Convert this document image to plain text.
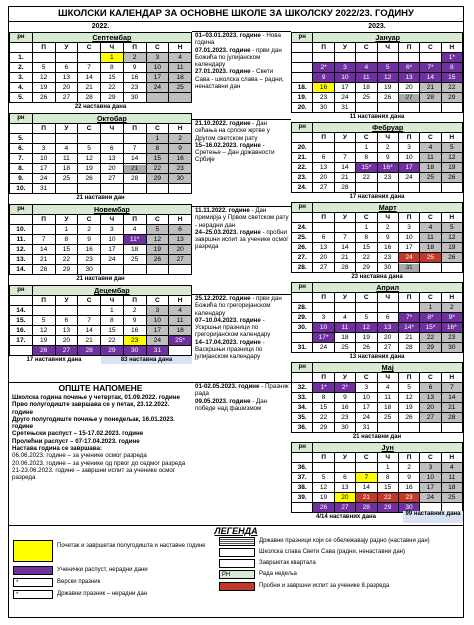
ШКОЛСКИ КАЛЕНДАР ЗА ОСНОВНЕ ШКОЛЕ ЗА ШКОЛСКУ 2022/23. ГОДИНУ
2022.	2023.
рн	Септембар						
	П	У	С	Ч	П	С	Н
1.				1	2	3	4
2.	5	6	7	8	9	10	11
3.	12	13	14	15	16	17	18
4.	19	20	21	22	23	24	25
5.	26	27	28	29	30		
22 наставна дана
рн	Октобар						
	П	У	С	Ч	П	С	Н
5.						1	2
6.	3	4	5	6	7	8	9
7.	10	11	12	13	14	15	16
8.	17	18	19	20	21	22	23
9.	24	25	26	27	28	29	30
10.	31						
21 наставни дан
рн	Новембар						
	П	У	С	Ч	П	С	Н
10.		1	2	3	4	5	6
11.	7	8	9	10	11*	12	13
12.	14	15	16	17	18	19	20
13.	21	22	23	24	25	26	27
14.	28	29	30				
21 наставни дан
рн	Децембар						
	П	У	С	Ч	П	С	Н
14.				1	2	3	4
15.	5	6	7	8	9	10	11
16.	12	13	14	15	16	17	18
17.	19	20	21	22	23	24	25*
	26	27	28	29	30	31	
83 наставна дана
17 наставних дана
рн	Јануар						
	П	У	С	Ч	П	С	Н
							1*
	2*	3	4	5	6*	7*	8
	9	10	11	12	13	14	15
18.	16	17	18	19	20	21	22
19.	23	24	25	26	27	28	29
20.	30	31					
11 наставних дана
рн	Фебруар						
	П	У	С	Ч	П	С	Н
20.			1	2	3	4	5
21.	6	7	8	9	10	11	12
22.	13	14	15*	16*	17	18	19
23.	20	21	22	23	24	25	26
24.	27	28					
17 наставних дана
рн	Март						
	П	У	С	Ч	П	С	Н
24.			1	2	3	4	5
25.	6	7	8	9	10	11	12
26.	13	14	15	16	17	18	19
27.	20	21	22	23	24	25	26
28.	27	28	29	30	31		
23 наставна дана
рн	Април						
	П	У	С	Ч	П	С	Н
28.						1	2
29.	3	4	5	6	7*	8*	9*
30.	10	11	12	13	14*	15*	16*
	17*	18	19	20	21	22	23
31.	24	25	26	27	28	29	30
13 наставних дана
рн	Мај						
	П	У	С	Ч	П	С	Н
32.	1*	2*	3	4	5	6	7
33.	8	9	10	11	12	13	14
34.	15	16	17	18	19	20	21
35.	22	23	24	25	26	27	28
36.	29	30	31				
21 наставни дан
рн	Јун						
	П	У	С	Ч	П	С	Н
36.				1	2	3	4
37.	5	6	7	8	9	10	11
38.	12	13	14	15	16	17	18
39.	19	20	21	22	23	24	25
	26	27	28	29	30		
4/14 наставних дана	99 наставних дана
01–03.01.2023. године - Нова година
07.01.2023. године - први дан Божића по јулијанском календару
27.01.2023. године - Свети Сава - школска слава – радни, ненаставни дан
21.10.2022. године - Дан сећања на српске жртве у Другом светском рату
15–16.02.2023. године - Сретење – Дан државности Србије
11.11.2022. године - Дан примирја у Првом светском рату - нерадни дан
24–25.03.2023. године - пробни завршни испит за ученике осмог разреда
25.12.2022. године - први дан Божића по грегоријанском календару
07–10.04.2023. године - Ускршњи празници по грегоријанском календару
14–17.04.2023. године - Васкршњи празници по јулијанском календару
01-02.05.2023. године - Празник рада
09.05.2023. године - Дан победе над фашизмом
ОПШТЕ НАПОМЕНЕ
Школска година почиње у четвртак, 01.09.2022. године
Прво полугодиште завршава се у петак, 23.12.2022. године
Друго полугодиште почиње у понедељак, 16.01.2023. године
Сретењски распуст – 15-17.02.2023. године
Пролећни распуст – 07-17.04.2023. године
Настава година се завршава:
06.06.2023. године – за ученике осмог разреда
20.06.2023. године – за ученике од првог до седмог разреда
21-23.06.2023. године – завршни испит за ученике осмог разреда
ЛЕГЕНДА
Почетак и завршетак полугодишта и наставне године
Ученички распуст, нерадни дани
*	Верски празник
*	Државни празник – нерадни дан
Државни празници који се обележавају радно (наставни дан)
Школска слава Свети Сава (радни, ненаставни дан)
Завршетак квартала
РН	Рада недеља
Пробни и завршни испит за ученике 8.разреда
